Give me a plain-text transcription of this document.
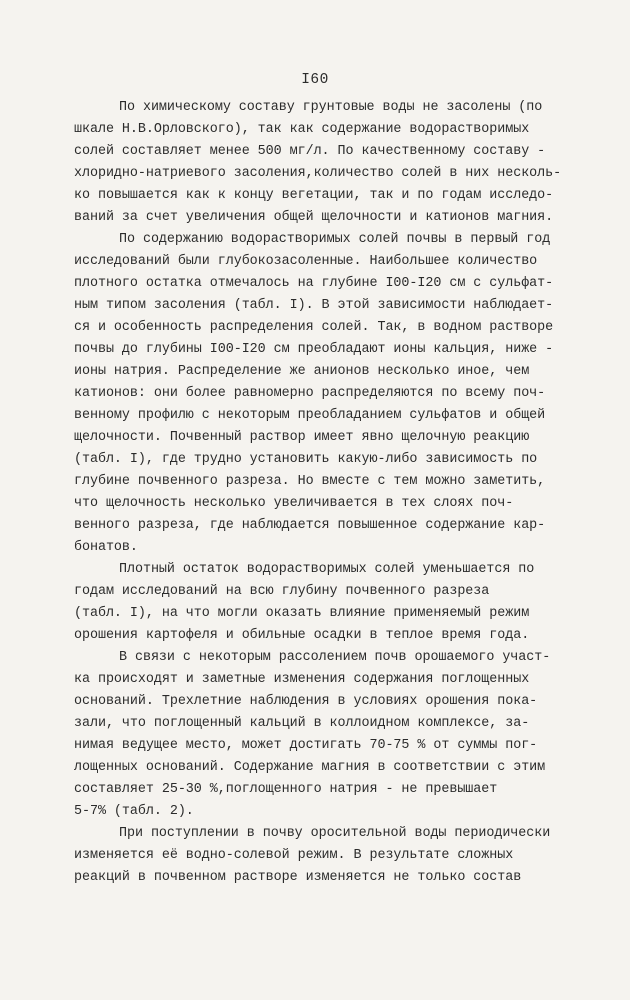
I60
По химическому составу грунтовые воды не засолены (по
шкале Н.В.Орловского), так как содержание водорастворимых
солей составляет менее 500 мг/л. По качественному составу -
хлоридно-натриевого засоления,количество солей в них несколь-
ко повышается как к концу вегетации, так и по годам исследо-
ваний за счет увеличения общей щелочности и катионов магния.
По содержанию водорастворимых солей почвы в первый год
исследований были глубокозасоленные. Наибольшее количество
плотного остатка отмечалось на глубине I00-I20 см с сульфат-
ным типом засоления (табл. I). В этой зависимости наблюдает-
ся и особенность распределения солей. Так, в водном растворе
почвы до глубины I00-I20 см преобладают ионы кальция, ниже -
ионы натрия. Распределение же анионов несколько иное, чем
катионов: они более равномерно распределяются по всему поч-
венному профилю с некоторым преобладанием сульфатов и общей
щелочности. Почвенный раствор имеет явно щелочную реакцию
(табл. I), где трудно установить какую-либо зависимость по
глубине почвенного разреза. Но вместе с тем можно заметить,
что щелочность несколько увеличивается в тех слоях поч-
венного разреза, где наблюдается повышенное содержание кар-
бонатов.
Плотный остаток водорастворимых солей уменьшается по
годам исследований на всю глубину почвенного разреза
(табл. I), на что могли оказать влияние применяемый режим
орошения картофеля и обильные осадки в теплое время года.
В связи с некоторым рассолением почв орошаемого участ-
ка происходят и заметные изменения содержания поглощенных
оснований. Трехлетние наблюдения в условиях орошения пока-
зали, что поглощенный кальций в коллоидном комплексе, за-
нимая ведущее место, может достигать 70-75 % от суммы пог-
лощенных оснований. Содержание магния в соответствии с этим
составляет 25-30 %,поглощенного натрия - не превышает
5-7% (табл. 2).
При поступлении в почву оросительной воды периодически
изменяется её водно-солевой режим. В результате сложных
реакций в почвенном растворе изменяется не только состав
